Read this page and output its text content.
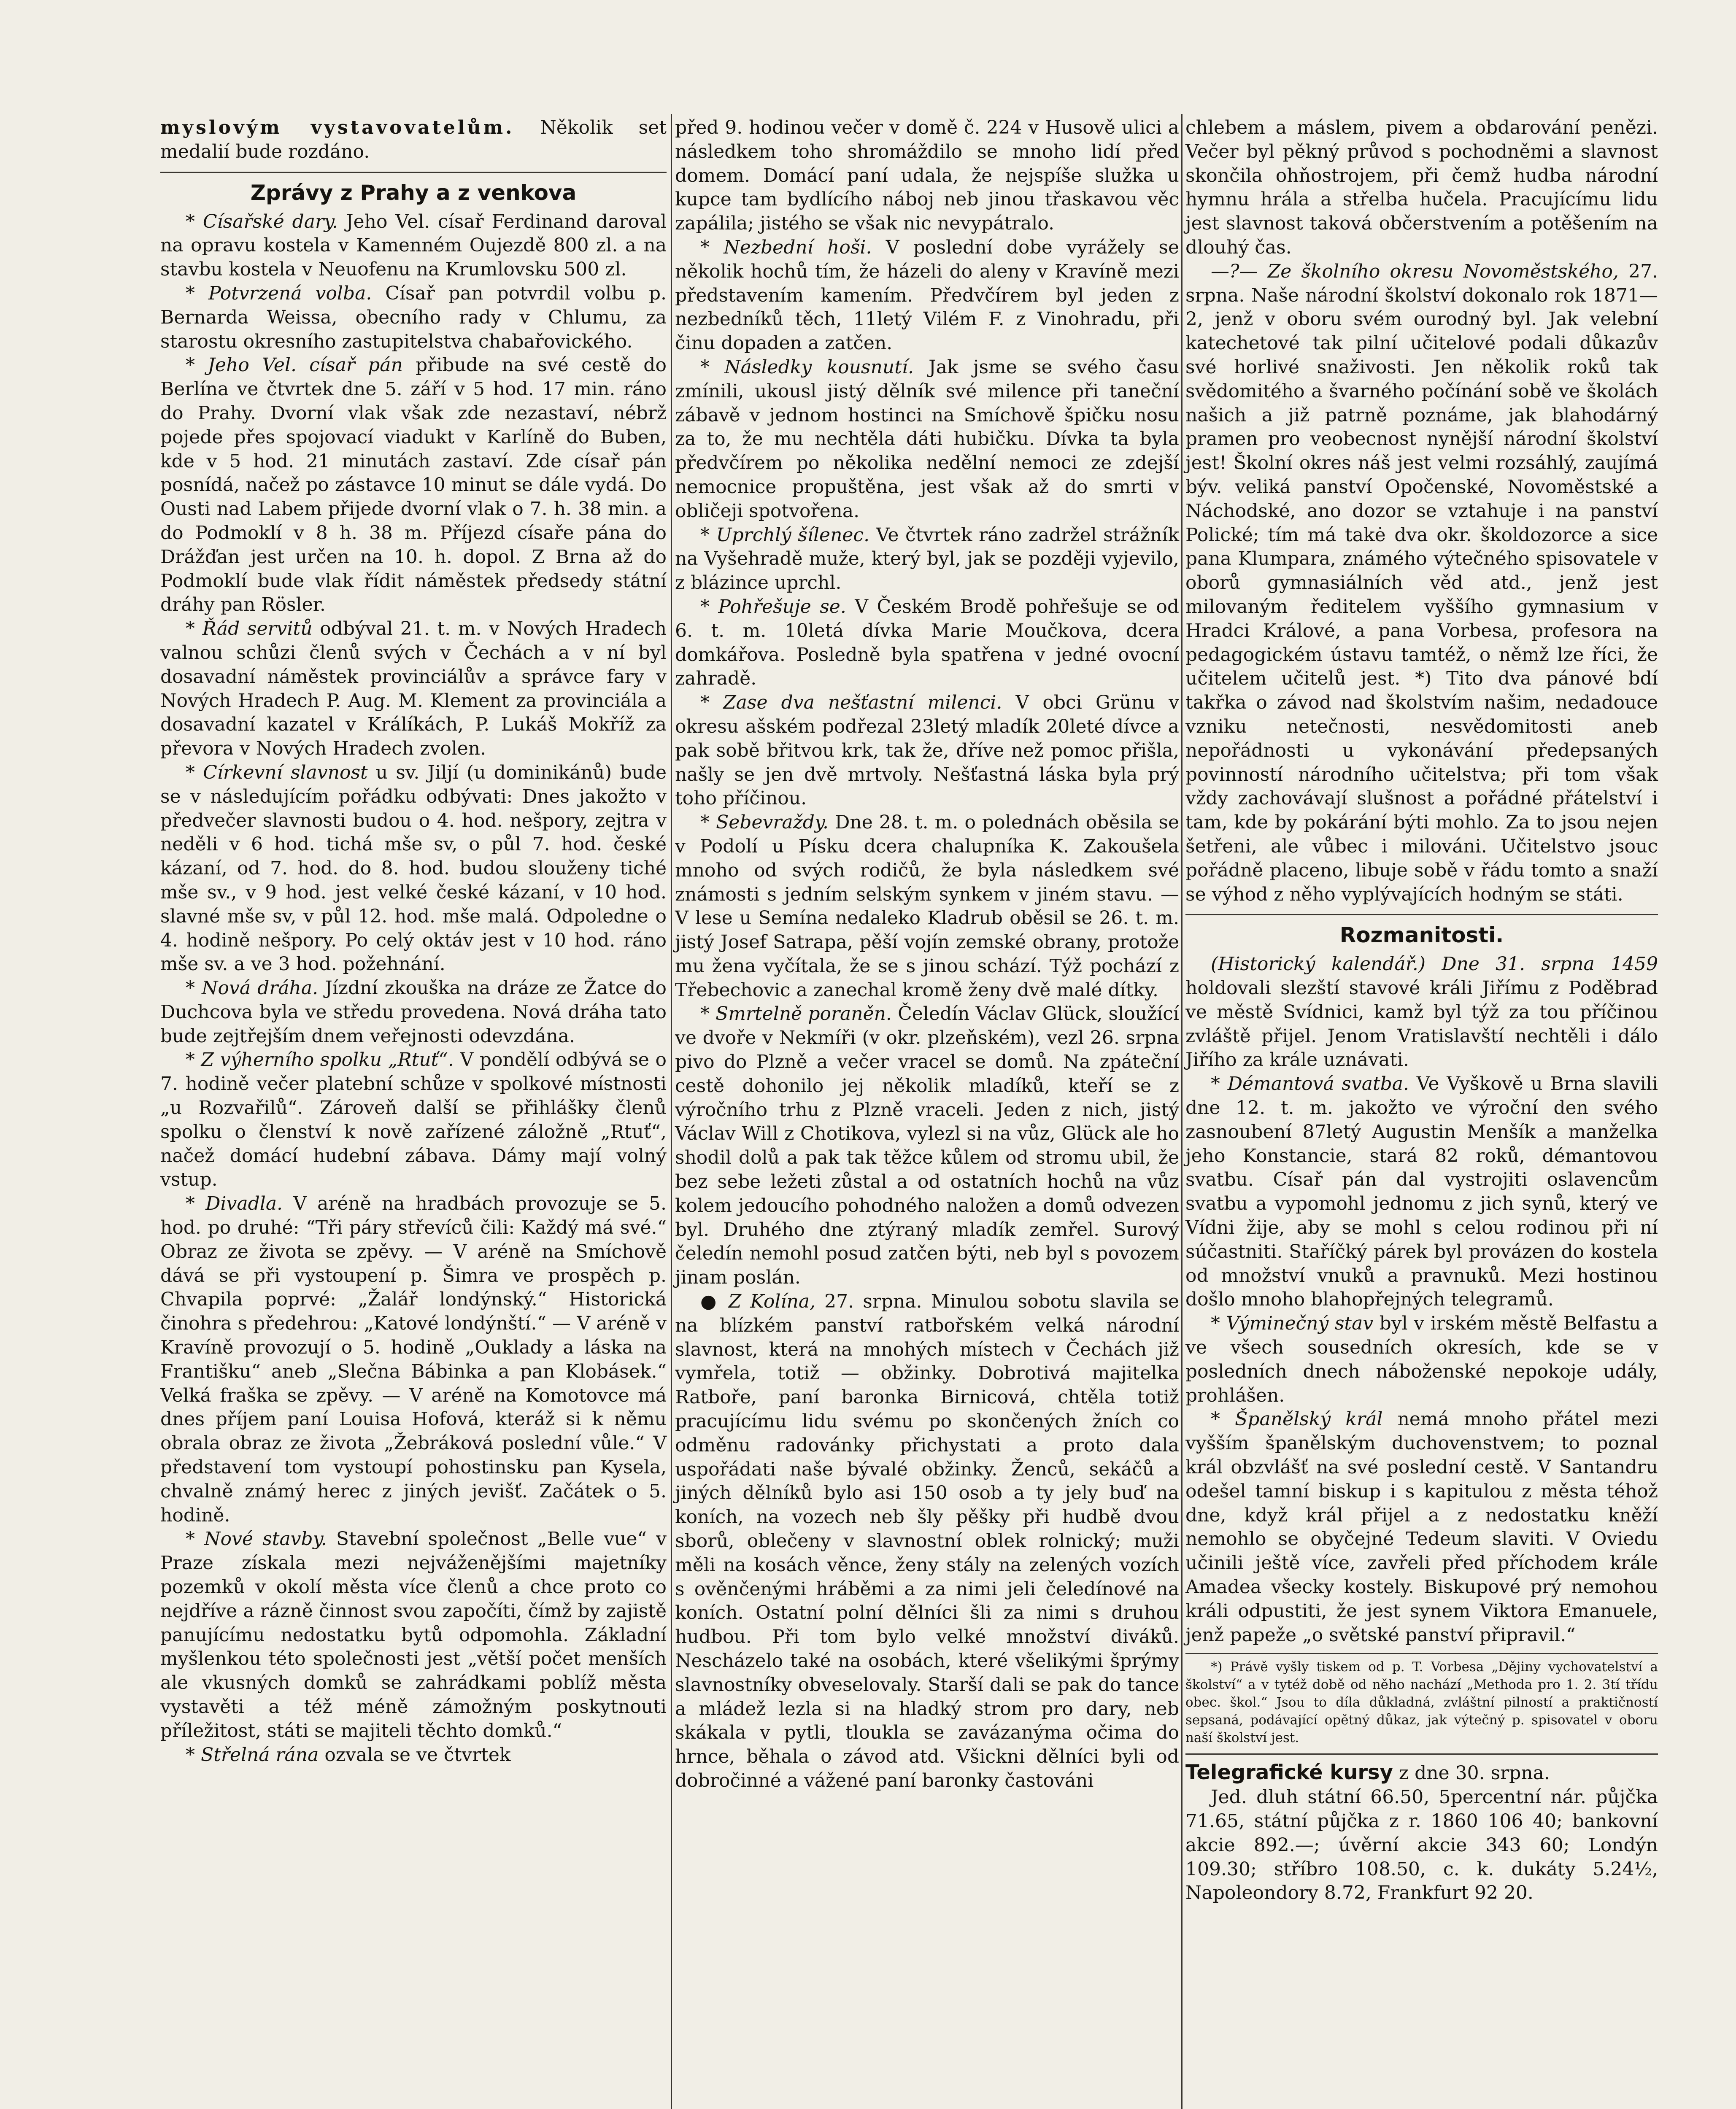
myslovým vystavovatelům. Několik set medalií bude rozdáno.

Zprávy z Prahy a z venkova

* Císařské dary. Jeho Vel. císař Ferdinand daroval na opravu kostela v Kamenném Oujezdě 800 zl. a na stavbu kostela v Neuofenu na Krumlovsku 500 zl.

* Potvrzená volba. Císař pan potvrdil volbu p. Bernarda Weissa, obecního rady v Chlumu, za starostu okresního zastupitelstva chabařovického.

* Jeho Vel. císař pán přibude na své cestě do Berlína ve čtvrtek dne 5. září v 5 hod. 17 min. ráno do Prahy. Dvorní vlak však zde nezastaví, nébrž pojede přes spojovací viadukt v Karlíně do Buben, kde v 5 hod. 21 minutách zastaví. Zde císař pán posnídá, načež po zástavce 10 minut se dále vydá. Do Ousti nad Labem přijede dvorní vlak o 7. h. 38 min. a do Podmoklí v 8 h. 38 m. Příjezd císaře pána do Drážďan jest určen na 10. h. dopol. Z Brna až do Podmoklí bude vlak řídit náměstek předsedy státní dráhy pan Rösler.

* Řád servitů odbýval 21. t. m. v Nových Hradech valnou schůzi členů svých v Čechách a v ní byl dosavadní náměstek provinciálův a správce fary v Nových Hradech P. Aug. M. Klement za provinciála a dosavadní kazatel v Králíkách, P. Lukáš Mokříž za převora v Nových Hradech zvolen.

* Církevní slavnost u sv. Jiljí (u dominikánů) bude se v následujícím pořádku odbývati: Dnes jakožto v předvečer slavnosti budou o 4. hod. nešpory, zejtra v neděli v 6 hod. tichá mše sv, o půl 7. hod. české kázaní, od 7. hod. do 8. hod. budou slouženy tiché mše sv., v 9 hod. jest velké české kázaní, v 10 hod. slavné mše sv, v půl 12. hod. mše malá. Odpoledne o 4. hodině nešpory. Po celý oktáv jest v 10 hod. ráno mše sv. a ve 3 hod. požehnání.

* Nová dráha. Jízdní zkouška na dráze ze Žatce do Duchcova byla ve středu provedena. Nová dráha tato bude zejtřejším dnem veřejnosti odevzdána.

* Z výherního spolku „Rtuť“. V pondělí odbývá se o 7. hodině večer platební schůze v spolkové místnosti „u Rozvařilů“. Zároveň další se přihlášky členů spolku o členství k nově zařízené záložně „Rtuť“, načež domácí hudební zábava. Dámy mají volný vstup.

* Divadla. V aréně na hradbách provozuje se 5. hod. po druhé: “Tři páry střevíců čili: Každý má své.“ Obraz ze života se zpěvy. — V aréně na Smíchově dává se při vystoupení p. Šimra ve prospěch p. Chvapila poprvé: „Žalář londýnský.“ Historická činohra s předehrou: „Katové londýnští.“ — V aréně v Kravíně provozují o 5. hodině „Ouklady a láska na Františku“ aneb „Slečna Bábinka a pan Klobásek.“ Velká fraška se zpěvy. — V aréně na Komotovce má dnes příjem paní Louisa Hofová, kteráž si k němu obrala obraz ze života „Žebráková poslední vůle.“ V představení tom vystoupí pohostinsku pan Kysela, chvalně známý herec z jiných jevišť. Začátek o 5. hodině.

* Nové stavby. Stavební společnost „Belle vue“ v Praze získala mezi nejváženějšími majetníky pozemků v okolí města více členů a chce proto co nejdříve a rázně činnost svou započíti, čímž by zajistě panujícímu nedostatku bytů odpomohla. Základní myšlenkou této společnosti jest „větší počet menších ale vkusných domků se zahrádkami poblíž města vystavěti a též méně zámožným poskytnouti příležitost, státi se majiteli těchto domků.“

* Střelná rána ozvala se ve čtvrtek

před 9. hodinou večer v domě č. 224 v Husově ulici a následkem toho shromáždilo se mnoho lidí před domem. Domácí paní udala, že nejspíše služka u kupce tam bydlícího náboj neb jinou třaskavou věc zapálila; jistého se však nic nevypátralo.

* Nezbední hoši. V poslední dobe vyrážely se několik hochů tím, že házeli do aleny v Kravíně mezi představením kamením. Předvčírem byl jeden z nezbedníků těch, 11letý Vilém F. z Vinohradu, při činu dopaden a zatčen.

* Následky kousnutí. Jak jsme se svého času zmínili, ukousl jistý dělník své milence při taneční zábavě v jednom hostinci na Smíchově špičku nosu za to, že mu nechtěla dáti hubičku. Dívka ta byla předvčírem po několika nedělní nemoci ze zdejší nemocnice propuštěna, jest však až do smrti v obličeji spotvořena.

* Uprchlý šílenec. Ve čtvrtek ráno zadržel strážník na Vyšehradě muže, který byl, jak se později vyjevilo, z blázince uprchl.

* Pohřešuje se. V Českém Brodě pohřešuje se od 6. t. m. 10letá dívka Marie Moučkova, dcera domkářova. Posledně byla spatřena v jedné ovocní zahradě.

* Zase dva nešťastní milenci. V obci Grünu v okresu ašském podřezal 23letý mladík 20leté dívce a pak sobě břitvou krk, tak že, dříve než pomoc přišla, našly se jen dvě mrtvoly. Nešťastná láska byla prý toho příčinou.

* Sebevraždy. Dne 28. t. m. o polednách oběsila se v Podolí u Písku dcera chalupníka K. Zakoušela mnoho od svých rodičů, že byla následkem své známosti s jedním selským synkem v jiném stavu. — V lese u Semína nedaleko Kladrub oběsil se 26. t. m. jistý Josef Satrapa, pěší vojín zemské obrany, protože mu žena vyčítala, že se s jinou schází. Týž pochází z Třebechovic a zanechal kromě ženy dvě malé dítky.

* Smrtelně poraněn. Čeledín Václav Glück, sloužící ve dvoře v Nekmíři (v okr. plzeňském), vezl 26. srpna pivo do Plzně a večer vracel se domů. Na zpáteční cestě dohonilo jej několik mladíků, kteří se z výročního trhu z Plzně vraceli. Jeden z nich, jistý Václav Will z Chotikova, vylezl si na vůz, Glück ale ho shodil dolů a pak tak těžce kůlem od stromu ubil, že bez sebe ležeti zůstal a od ostatních hochů na vůz kolem jedoucího pohodného naložen a domů odvezen byl. Druhého dne ztýraný mladík zemřel. Surový čeledín nemohl posud zatčen býti, neb byl s povozem jinam poslán.

● Z Kolína, 27. srpna. Minulou sobotu slavila se na blízkém panství ratbořském velká národní slavnost, která na mnohých místech v Čechách již vymřela, totiž — obžinky. Dobrotivá majitelka Ratboře, paní baronka Birnicová, chtěla totiž pracujícímu lidu svému po skončených žních co odměnu radovánky přichystati a proto dala uspořádati naše bývalé obžinky. Ženců, sekáčů a jiných dělníků bylo asi 150 osob a ty jely buď na koních, na vozech neb šly pěšky při hudbě dvou sborů, oblečeny v slavnostní oblek rolnický; muži měli na kosách věnce, ženy stály na zelených vozích s ověnčenými hráběmi a za nimi jeli čeledínové na koních. Ostatní polní dělníci šli za nimi s druhou hudbou. Při tom bylo velké množství diváků. Nescházelo také na osobách, které všelikými šprýmy slavnostníky obveselovaly. Starší dali se pak do tance a mládež lezla si na hladký strom pro dary, neb skákala v pytli, tloukla se zavázanýma očima do hrnce, běhala o závod atd. Všickni dělníci byli od dobročinné a vážené paní baronky častováni

chlebem a máslem, pivem a obdarování penězi. Večer byl pěkný průvod s pochodněmi a slavnost skončila ohňostrojem, při čemž hudba národní hymnu hrála a střelba hučela. Pracujícímu lidu jest slavnost taková občerstvením a potěšením na dlouhý čas.

—?— Ze školního okresu Novoměstského, 27. srpna. Naše národní školství dokonalo rok 1871—2, jenž v oboru svém ourodný byl. Jak velební katechetové tak pilní učitelové podali důkazův své horlivé snaživosti. Jen několik roků tak svědomitého a švarného počínání sobě ve školách našich a již patrně poznáme, jak blahodárný pramen pro veobecnost nynější národní školství jest! Školní okres náš jest velmi rozsáhlý, zaujímá býv. veliká panství Opočenské, Novoměstské a Náchodské, ano dozor se vztahuje i na panství Polické; tím má takė dva okr. školdozorce a sice pana Klumpara, známého výtečného spisovatele v oborů gymnasiálních věd atd., jenž jest milovaným ředitelem vyššího gymnasium v Hradci Králové, a pana Vorbesa, profesora na pedagogickém ústavu tamtéž, o němž lze říci, že učitelem učitelů jest. *) Tito dva pánové bdí takřka o závod nad školstvím našim, nedadouce vzniku netečnosti, nesvědomitosti aneb nepořádnosti u vykonávání předepsaných povinností národního učitelstva; při tom však vždy zachovávají slušnost a pořádné přátelství i tam, kde by pokárání býti mohlo. Za to jsou nejen šetřeni, ale vůbec i milováni. Učitelstvo jsouc pořádně placeno, libuje sobě v řádu tomto a snaží se výhod z něho vyplývajících hodným se státi.

Rozmanitosti.

(Historický kalendář.) Dne 31. srpna 1459 holdovali slezští stavové králi Jiřímu z Poděbrad ve městě Svídnici, kamž byl týž za tou příčinou zvláště přijel. Jenom Vratislavští nechtěli i dálo Jiřího za krále uznávati.

* Démantová svatba. Ve Vyškově u Brna slavili dne 12. t. m. jakožto ve výroční den svého zasnoubení 87letý Augustin Menšík a manželka jeho Konstancie, stará 82 roků, démantovou svatbu. Císař pán dal vystrojiti oslavencům svatbu a vypomohl jednomu z jich synů, který ve Vídni žije, aby se mohl s celou rodinou při ní súčastniti. Staříčký párek byl provázen do kostela od množství vnuků a pravnuků. Mezi hostinou došlo mnoho blahopřejných telegramů.

* Výminečný stav byl v irském městě Belfastu a ve všech sousedních okresích, kde se v posledních dnech náboženské nepokoje udály, prohlášen.

* Španělský král nemá mnoho přátel mezi vyšším španělským duchovenstvem; to poznal král obzvlášť na své poslední cestě. V Santandru odešel tamní biskup i s kapitulou z města téhož dne, když král přijel a z nedostatku kněží nemohlo se obyčejné Tedeum slaviti. V Oviedu učinili ještě více, zavřeli před příchodem krále Amadea všecky kostely. Biskupové prý nemohou králi odpustiti, že jest synem Viktora Emanuele, jenž papeže „o světské panství připravil.“

*) Právě vyšly tiskem od p. T. Vorbesa „Dějiny vychovatelství a školství“ a v tytéž době od něho nachází „Methoda pro 1. 2. 3tí třídu obec. škol.“ Jsou to díla důkladná, zvláštní pilností a praktičností sepsaná, podávající opětný důkaz, jak výtečný p. spisovatel v oboru naší školství jest.

Telegrafické kursy z dne 30. srpna.

Jed. dluh státní 66.50, 5percentní nár. půjčka 71.65, státní půjčka z r. 1860 106 40; bankovní akcie 892.—; úvěrní akcie 343 60; Londýn 109.30; stříbro 108.50, c. k. dukáty 5.24½, Napoleondory 8.72, Frankfurt 92 20.
